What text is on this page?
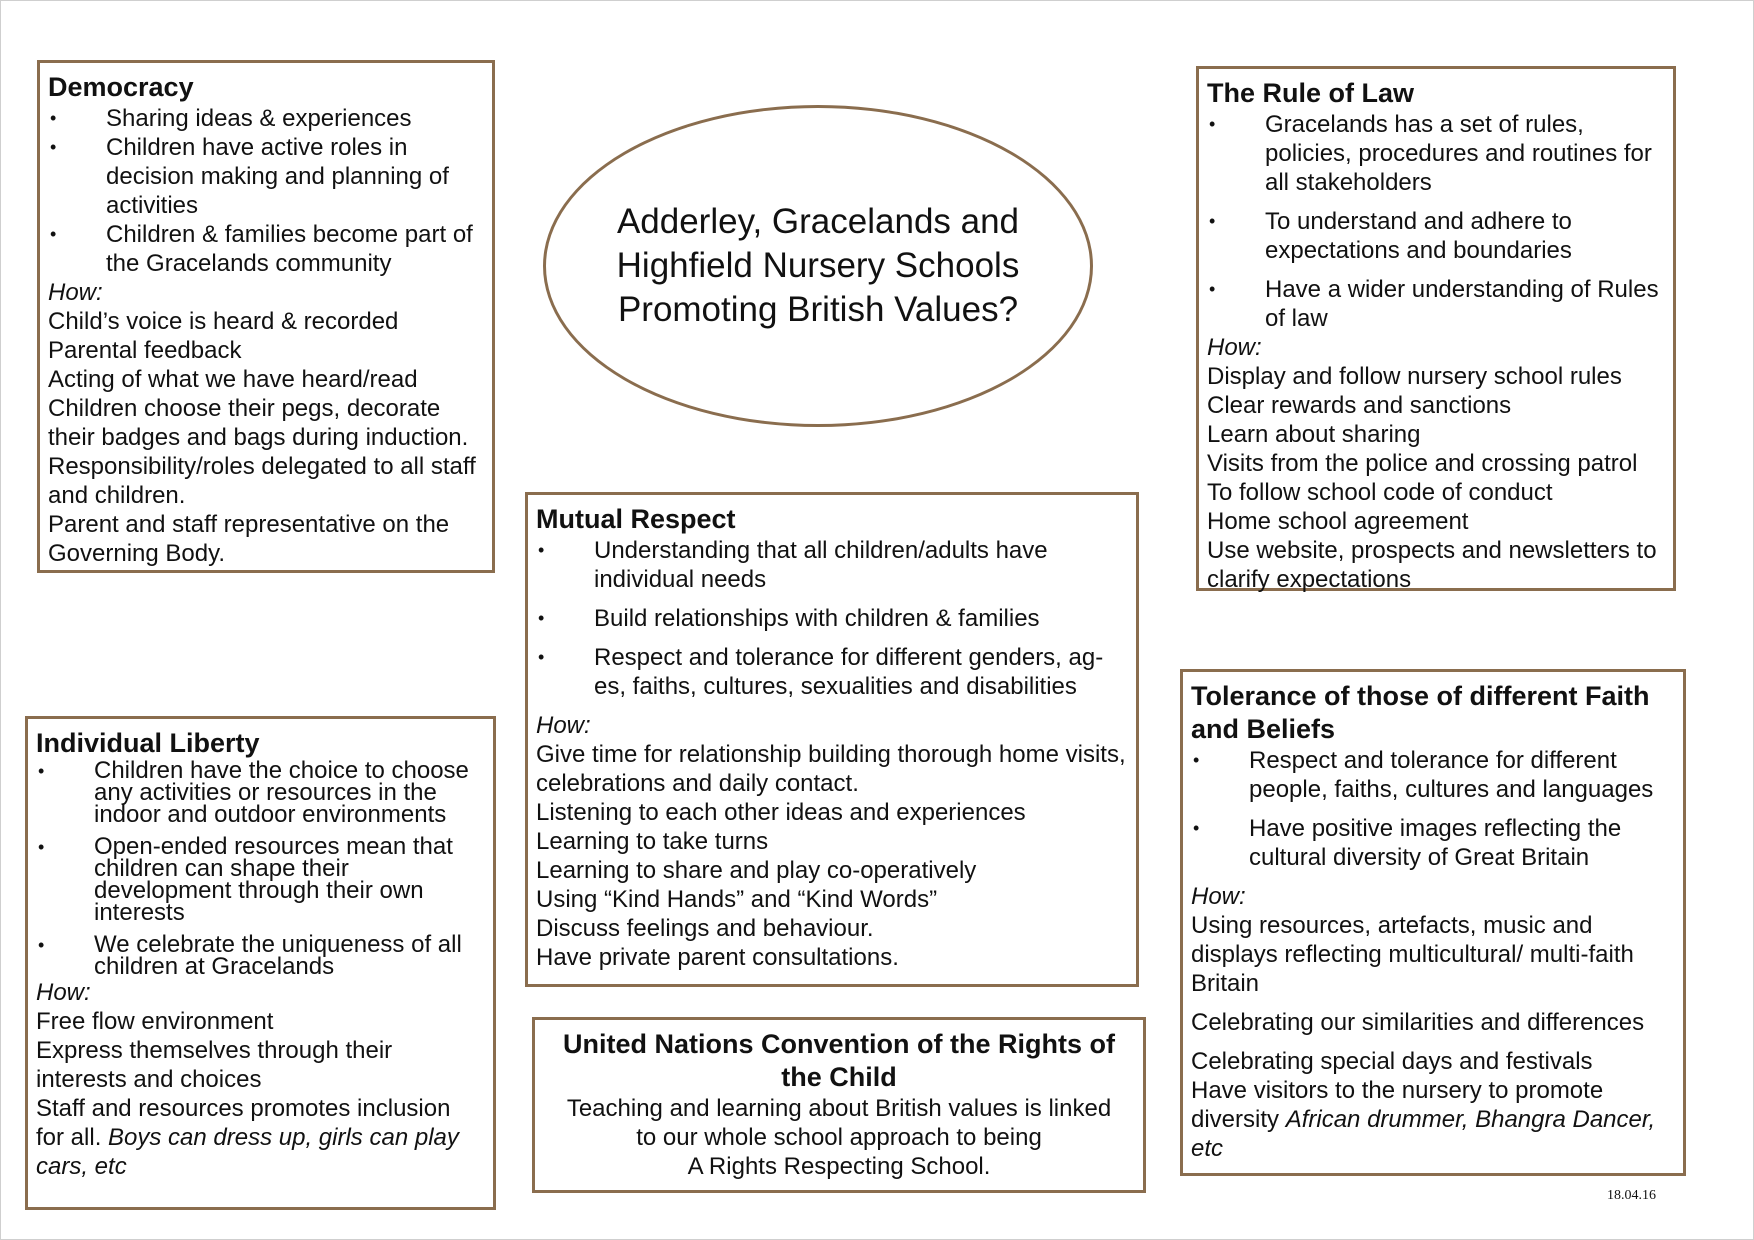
Democracy

• Sharing ideas & experiences
• Children have active roles in decision making and planning of activities
• Children & families become part of the Gracelands community
How:
Child’s voice is heard & recorded
Parental feedback
Acting of what we have heard/read
Children choose their pegs, decorate their badges and bags during induction.
Responsibility/roles delegated to all staff and children.
Parent and staff representative on the Governing Body.
Adderley, Gracelands and
Highfield Nursery Schools
Promoting British Values?

The Rule of Law

• Gracelands has a set of rules, policies, procedures and routines for all stakeholders
• To understand and adhere to expectations and boundaries
• Have a wider understanding of Rules of law
How:
Display and follow nursery school rules
Clear rewards and sanctions
Learn about sharing
Visits from the police and crossing patrol
To follow school code of conduct
Home school agreement
Use website, prospects and newsletters to clarify expectations

Mutual Respect

• Understanding that all children/adults have individual needs
• Build relationships with children & families
• Respect and tolerance for different genders, ag-es, faiths, cultures, sexualities and disabilities
How:
Give time for relationship building thorough home visits, celebrations and daily contact.
Listening to each other ideas and experiences
Learning to take turns
Learning to share and play co-operatively
Using “Kind Hands” and “Kind Words”
Discuss feelings and behaviour.
Have private parent consultations.

Individual Liberty

• Children have the choice to choose any activities or resources in the indoor and outdoor environments
• Open-ended resources mean that children can shape their development through their own interests
• We celebrate the uniqueness of all children at Gracelands
How:
Free flow environment
Express themselves through their interests and choices
Staff and resources promotes inclusion for all. Boys can dress up, girls can play cars, etc

Tolerance of those of different Faith and Beliefs

• Respect and tolerance for different people, faiths, cultures and languages
• Have positive images reflecting the cultural diversity of Great Britain
How:
Using resources, artefacts, music and displays reflecting multicultural/ multi-faith Britain
Celebrating our similarities and differences
Celebrating special days and festivals
Have visitors to the nursery to promote diversity African drummer, Bhangra Dancer, etc

United Nations Convention of the Rights of the Child

Teaching and learning about British values is linked
to our whole school approach to being
A Rights Respecting School.
18.04.16
